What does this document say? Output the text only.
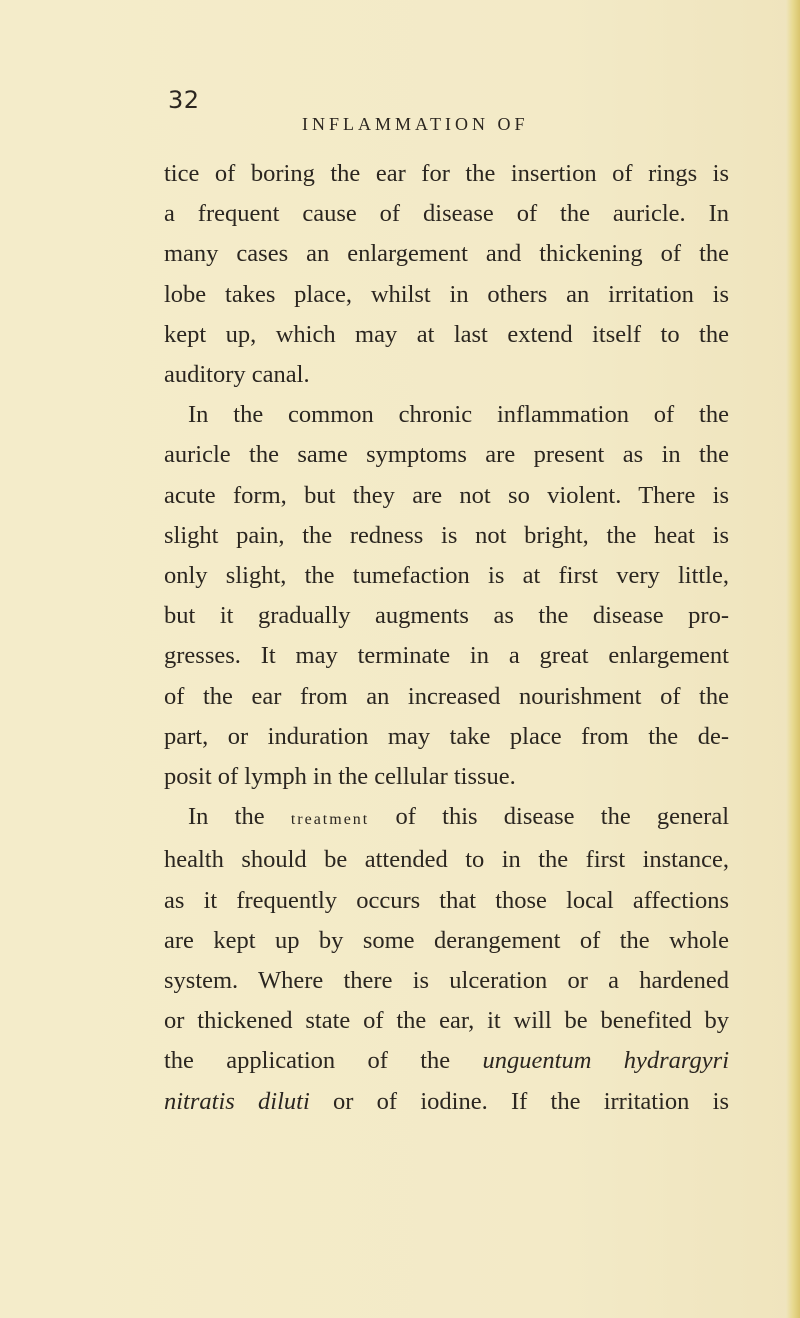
32
INFLAMMATION OF
tice of boring the ear for the insertion of rings is
a frequent cause of disease of the auricle. In
many cases an enlargement and thickening of the
lobe takes place, whilst in others an irritation is
kept up, which may at last extend itself to the
auditory canal.
In the common chronic inflammation of the
auricle the same symptoms are present as in the
acute form, but they are not so violent. There is
slight pain, the redness is not bright, the heat is
only slight, the tumefaction is at first very little,
but it gradually augments as the disease pro-
gresses. It may terminate in a great enlargement
of the ear from an increased nourishment of the
part, or induration may take place from the de-
posit of lymph in the cellular tissue.
In the treatment of this disease the general
health should be attended to in the first instance,
as it frequently occurs that those local affections
are kept up by some derangement of the whole
system. Where there is ulceration or a hardened
or thickened state of the ear, it will be benefited by
the application of the unguentum hydrargyri
nitratis diluti or of iodine. If the irritation is
